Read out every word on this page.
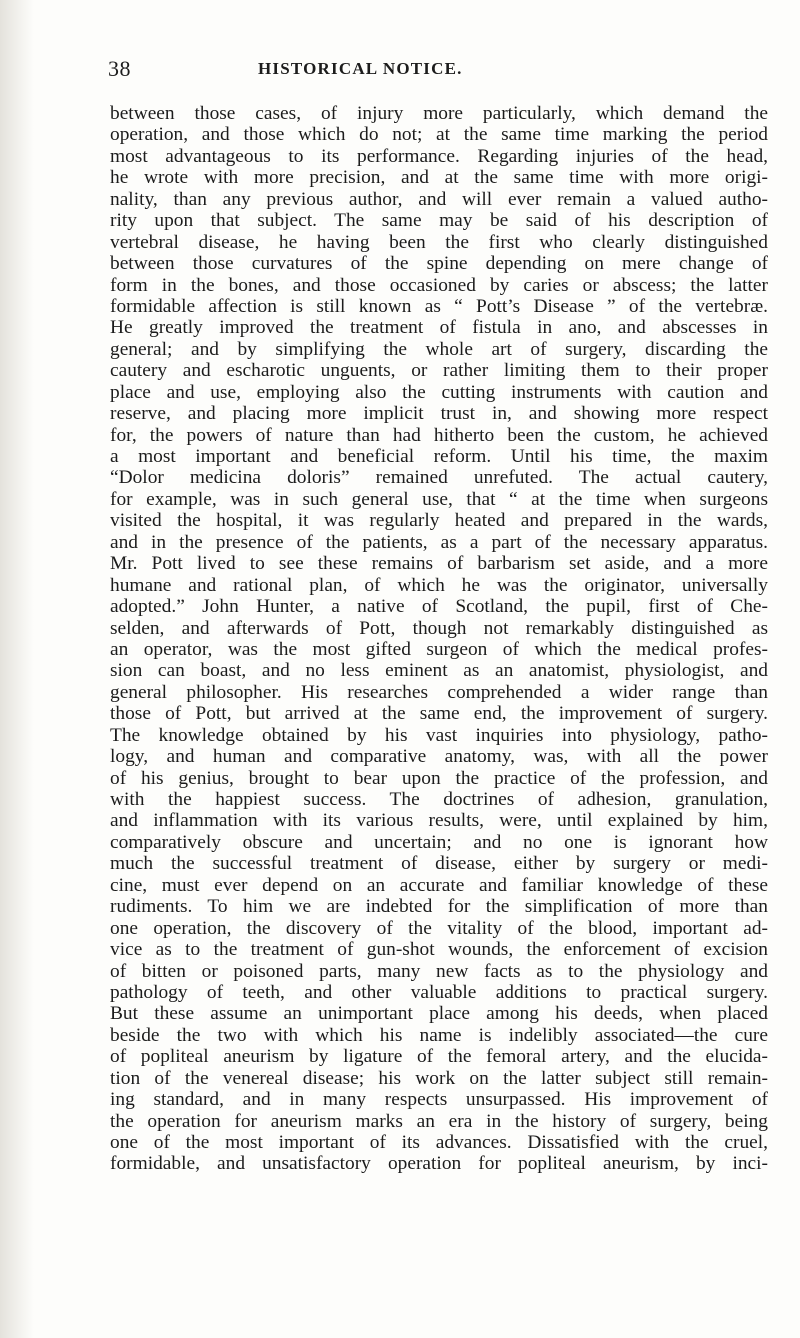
38	HISTORICAL NOTICE.
between those cases, of injury more particularly, which demand the
operation, and those which do not; at the same time marking the period
most advantageous to its performance. Regarding injuries of the head,
he wrote with more precision, and at the same time with more origi-
nality, than any previous author, and will ever remain a valued autho-
rity upon that subject. The same may be said of his description of
vertebral disease, he having been the first who clearly distinguished
between those curvatures of the spine depending on mere change of
form in the bones, and those occasioned by caries or abscess; the latter
formidable affection is still known as “ Pott’s Disease ” of the vertebræ.
He greatly improved the treatment of fistula in ano, and abscesses in
general; and by simplifying the whole art of surgery, discarding the
cautery and escharotic unguents, or rather limiting them to their proper
place and use, employing also the cutting instruments with caution and
reserve, and placing more implicit trust in, and showing more respect
for, the powers of nature than had hitherto been the custom, he achieved
a most important and beneficial reform. Until his time, the maxim
“Dolor medicina doloris” remained unrefuted. The actual cautery,
for example, was in such general use, that “ at the time when surgeons
visited the hospital, it was regularly heated and prepared in the wards,
and in the presence of the patients, as a part of the necessary apparatus.
Mr. Pott lived to see these remains of barbarism set aside, and a more
humane and rational plan, of which he was the originator, universally
adopted.” John Hunter, a native of Scotland, the pupil, first of Che-
selden, and afterwards of Pott, though not remarkably distinguished as
an operator, was the most gifted surgeon of which the medical profes-
sion can boast, and no less eminent as an anatomist, physiologist, and
general philosopher. His researches comprehended a wider range than
those of Pott, but arrived at the same end, the improvement of surgery.
The knowledge obtained by his vast inquiries into physiology, patho-
logy, and human and comparative anatomy, was, with all the power
of his genius, brought to bear upon the practice of the profession, and
with the happiest success. The doctrines of adhesion, granulation,
and inflammation with its various results, were, until explained by him,
comparatively obscure and uncertain; and no one is ignorant how
much the successful treatment of disease, either by surgery or medi-
cine, must ever depend on an accurate and familiar knowledge of these
rudiments. To him we are indebted for the simplification of more than
one operation, the discovery of the vitality of the blood, important ad-
vice as to the treatment of gun-shot wounds, the enforcement of excision
of bitten or poisoned parts, many new facts as to the physiology and
pathology of teeth, and other valuable additions to practical surgery.
But these assume an unimportant place among his deeds, when placed
beside the two with which his name is indelibly associated—the cure
of popliteal aneurism by ligature of the femoral artery, and the elucida-
tion of the venereal disease; his work on the latter subject still remain-
ing standard, and in many respects unsurpassed. His improvement of
the operation for aneurism marks an era in the history of surgery, being
one of the most important of its advances. Dissatisfied with the cruel,
formidable, and unsatisfactory operation for popliteal aneurism, by inci-
